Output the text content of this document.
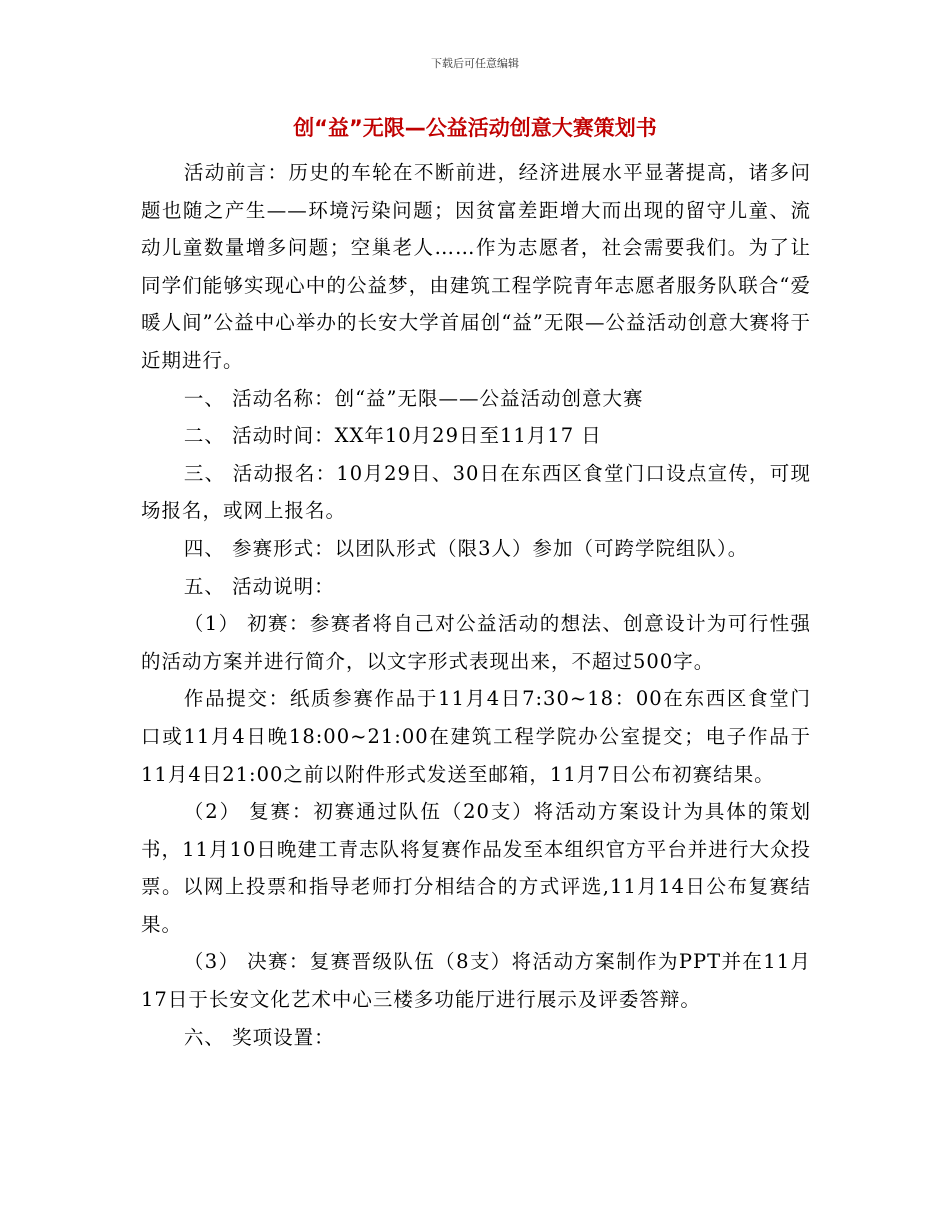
下载后可任意编辑
创“益”无限—公益活动创意大赛策划书

活动前言：历史的车轮在不断前进，经济进展水平显著提高，诸多问题也随之产生——环境污染问题；因贫富差距增大而出现的留守儿童、流动儿童数量增多问题；空巢老人……作为志愿者，社会需要我们。为了让同学们能够实现心中的公益梦，由建筑工程学院青年志愿者服务队联合“爱暖人间”公益中心举办的长安大学首届创“益”无限—公益活动创意大赛将于近期进行。

一、 活动名称：创“益”无限——公益活动创意大赛

二、 活动时间：XX年10月29日至11月17 日

三、 活动报名：10月29日、30日在东西区食堂门口设点宣传，可现场报名，或网上报名。

四、 参赛形式：以团队形式（限3人）参加（可跨学院组队）。

五、 活动说明：

（1） 初赛：参赛者将自己对公益活动的想法、创意设计为可行性强的活动方案并进行简介，以文字形式表现出来，不超过500字。

作品提交：纸质参赛作品于11月4日7:30~18：00在东西区食堂门口或11月4日晚18:00~21:00在建筑工程学院办公室提交；电子作品于11月4日21:00之前以附件形式发送至邮箱，11月7日公布初赛结果。

（2） 复赛：初赛通过队伍（20支）将活动方案设计为具体的策划书，11月10日晚建工青志队将复赛作品发至本组织官方平台并进行大众投票。以网上投票和指导老师打分相结合的方式评选,11月14日公布复赛结果。

（3） 决赛：复赛晋级队伍（8支）将活动方案制作为PPT并在11月17日于长安文化艺术中心三楼多功能厅进行展示及评委答辩。

六、 奖项设置：
